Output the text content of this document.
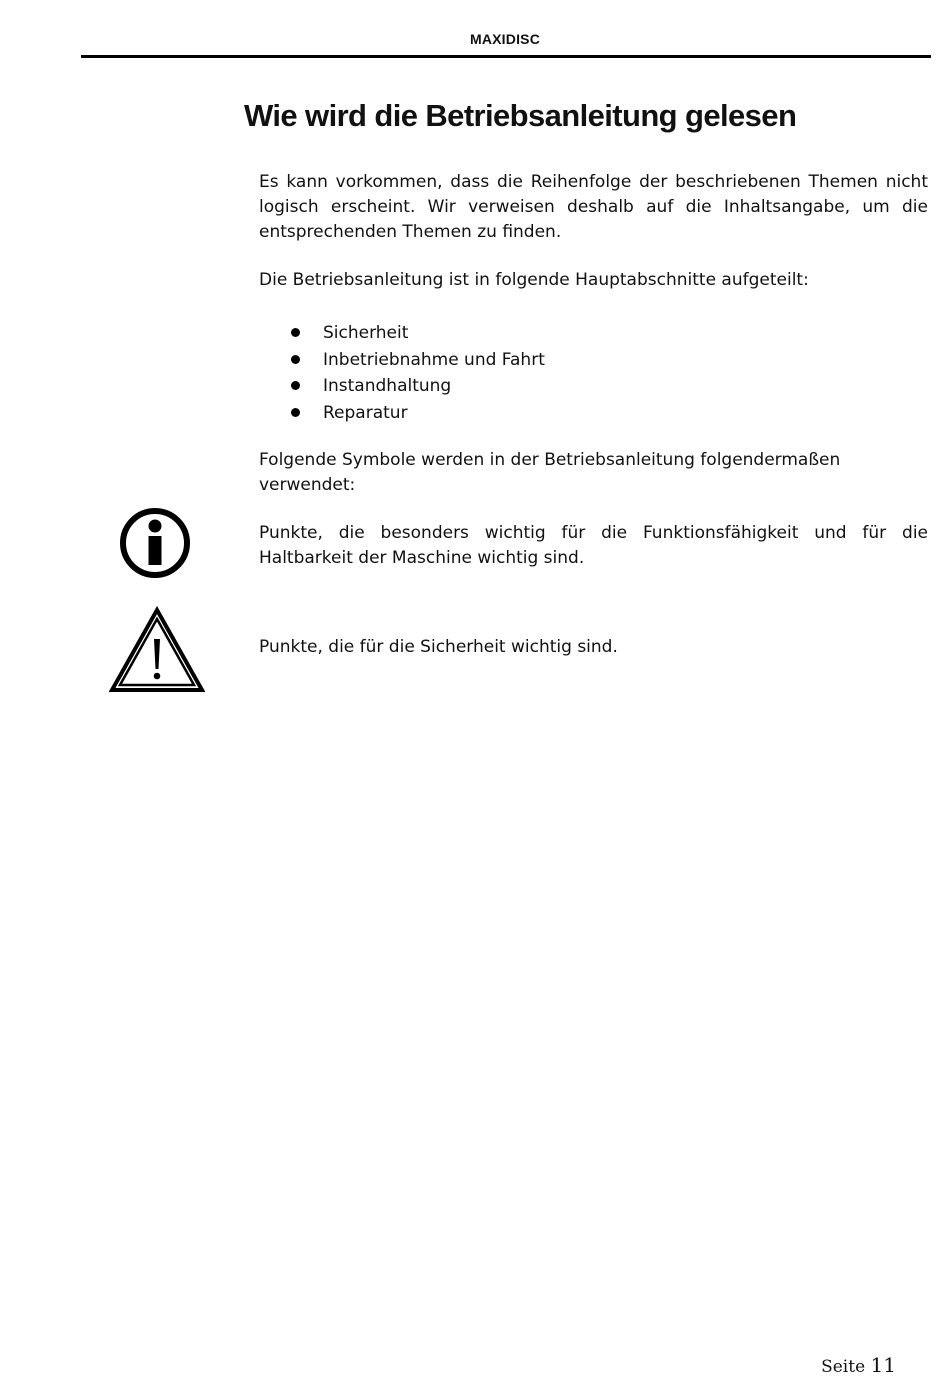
MAXIDISC
Wie wird die Betriebsanleitung gelesen

Es kann vorkommen, dass die Reihenfolge der beschriebenen Themen nicht logisch erscheint. Wir verweisen deshalb auf die Inhaltsangabe, um die entsprechenden Themen zu finden.

Die Betriebsanleitung ist in folgende Hauptabschnitte aufgeteilt:

Sicherheit
Inbetriebnahme und Fahrt
Instandhaltung
Reparatur

Folgende Symbole werden in der Betriebsanleitung folgendermaßen verwendet:

Punkte, die besonders wichtig für die Funktionsfähigkeit und für die Haltbarkeit der Maschine wichtig sind.

Punkte, die für die Sicherheit wichtig sind.

Seite 11
